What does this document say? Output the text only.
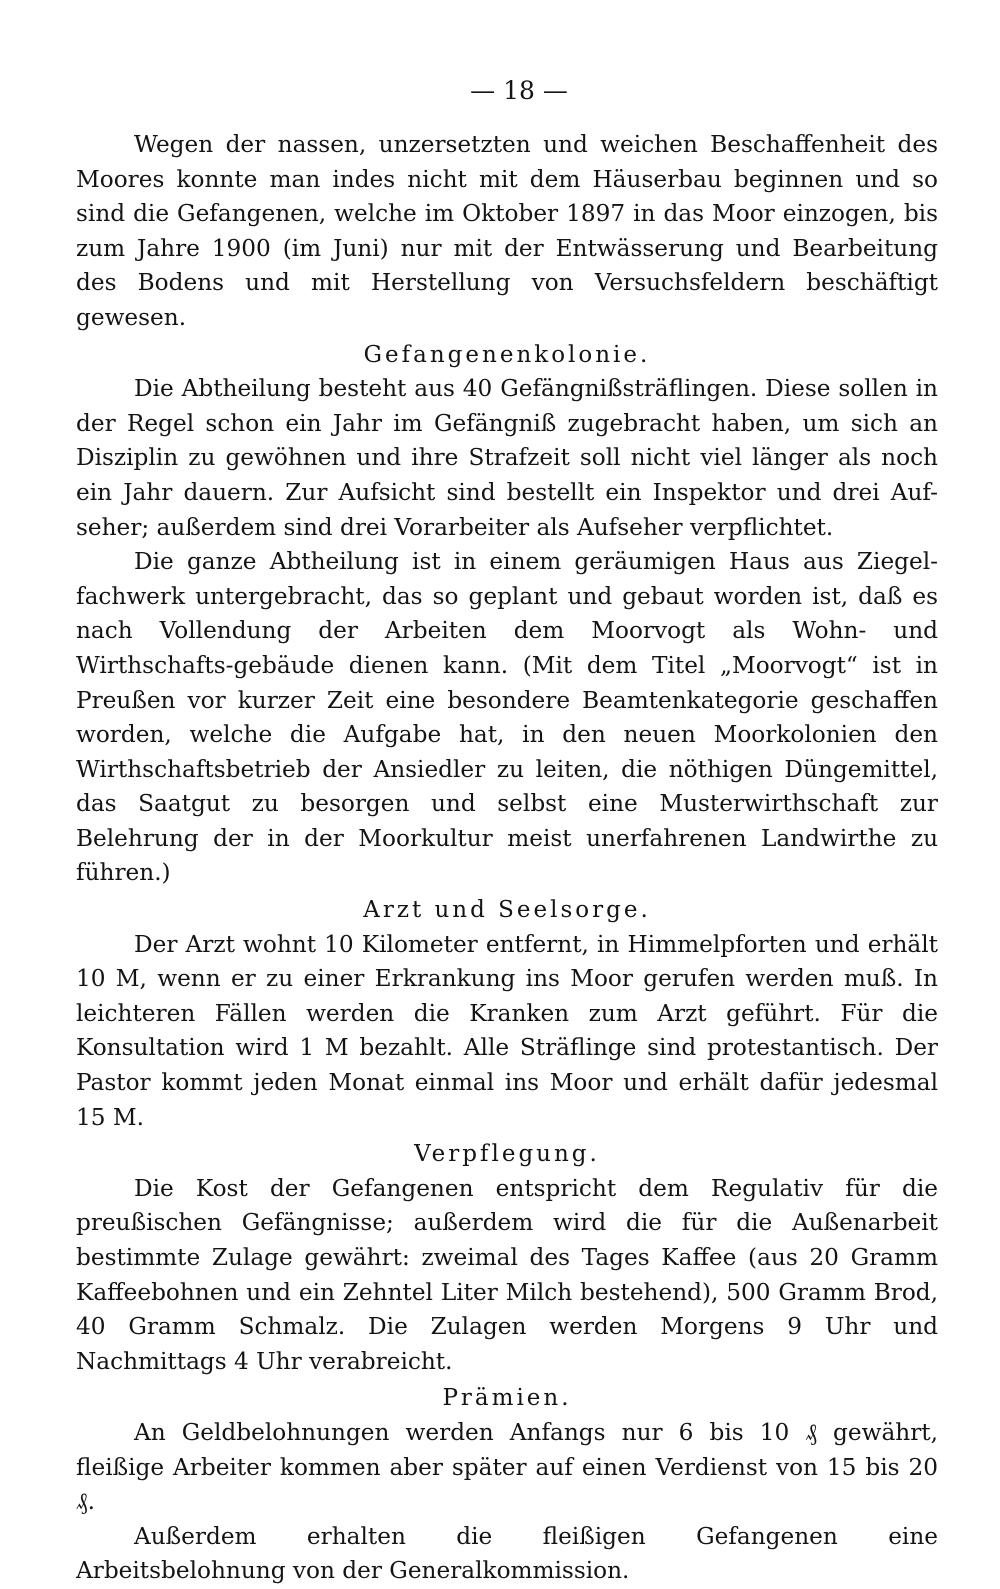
— 18 —

Wegen der nassen, unzersetzten und weichen Beschaffenheit des Moores konnte man indes nicht mit dem Häuserbau beginnen und so sind die Gefangenen, welche im Oktober 1897 in das Moor einzogen, bis zum Jahre 1900 (im Juni) nur mit der Entwässerung und Bearbeitung des Bodens und mit Herstellung von Versuchsfeldern beschäftigt gewesen.

Gefangenenkolonie.

Die Abtheilung besteht aus 40 Gefängnißsträflingen. Diese sollen in der Regel schon ein Jahr im Gefängniß zugebracht haben, um sich an Disziplin zu gewöhnen und ihre Strafzeit soll nicht viel länger als noch ein Jahr dauern. Zur Aufsicht sind bestellt ein Inspektor und drei Auf-seher; außerdem sind drei Vorarbeiter als Aufseher verpflichtet.

Die ganze Abtheilung ist in einem geräumigen Haus aus Ziegel-fachwerk untergebracht, das so geplant und gebaut worden ist, daß es nach Vollendung der Arbeiten dem Moorvogt als Wohn- und Wirthschafts-gebäude dienen kann. (Mit dem Titel „Moorvogt“ ist in Preußen vor kurzer Zeit eine besondere Beamtenkategorie geschaffen worden, welche die Aufgabe hat, in den neuen Moorkolonien den Wirthschaftsbetrieb der Ansiedler zu leiten, die nöthigen Düngemittel, das Saatgut zu besorgen und selbst eine Musterwirthschaft zur Belehrung der in der Moorkultur meist unerfahrenen Landwirthe zu führen.)

Arzt und Seelsorge.

Der Arzt wohnt 10 Kilometer entfernt, in Himmelpforten und erhält 10 M, wenn er zu einer Erkrankung ins Moor gerufen werden muß. In leichteren Fällen werden die Kranken zum Arzt geführt. Für die Konsultation wird 1 M bezahlt. Alle Sträflinge sind protestantisch. Der Pastor kommt jeden Monat einmal ins Moor und erhält dafür jedesmal 15 M.

Verpflegung.

Die Kost der Gefangenen entspricht dem Regulativ für die preußischen Gefängnisse; außerdem wird die für die Außenarbeit bestimmte Zulage gewährt: zweimal des Tages Kaffee (aus 20 Gramm Kaffeebohnen und ein Zehntel Liter Milch bestehend), 500 Gramm Brod, 40 Gramm Schmalz. Die Zulagen werden Morgens 9 Uhr und Nachmittags 4 Uhr verabreicht.

Prämien.

An Geldbelohnungen werden Anfangs nur 6 bis 10 ₰ gewährt, fleißige Arbeiter kommen aber später auf einen Verdienst von 15 bis 20 ₰.

Außerdem erhalten die fleißigen Gefangenen eine Arbeitsbelohnung von der Generalkommission.
